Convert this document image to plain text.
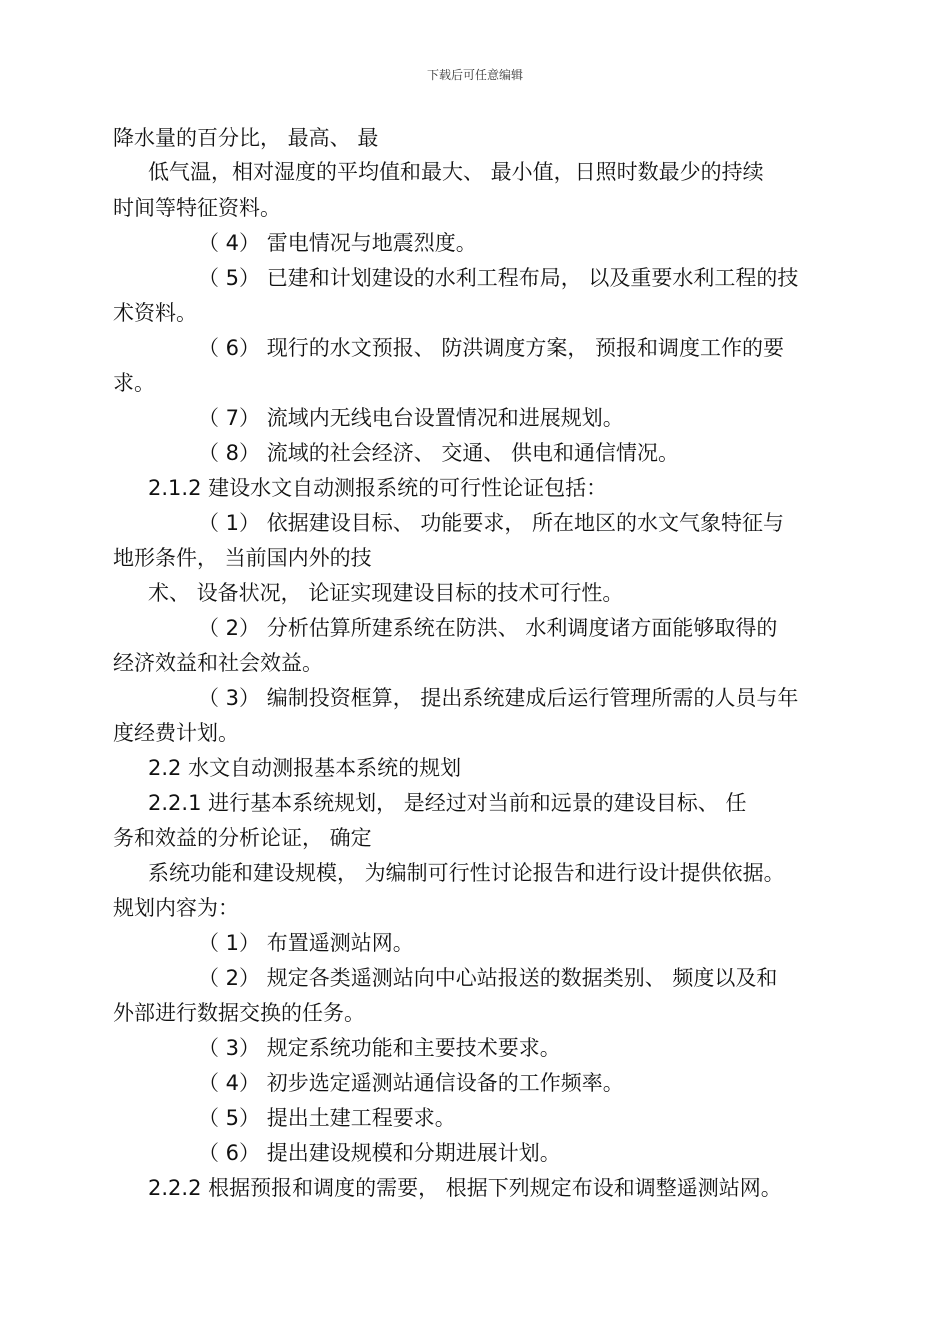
下载后可任意编辑
降水量的百分比， 最高、 最
低气温，相对湿度的平均值和最大、 最小值，日照时数最少的持续
时间等特征资料。
（ 4） 雷电情况与地震烈度。
（ 5） 已建和计划建设的水利工程布局， 以及重要水利工程的技
术资料。
（ 6） 现行的水文预报、 防洪调度方案， 预报和调度工作的要
求。
（ 7） 流域内无线电台设置情况和进展规划。
（ 8） 流域的社会经济、 交通、 供电和通信情况。
2.1.2 建设水文自动测报系统的可行性论证包括：
（ 1） 依据建设目标、 功能要求， 所在地区的水文气象特征与
地形条件， 当前国内外的技
术、 设备状况， 论证实现建设目标的技术可行性。
（ 2） 分析估算所建系统在防洪、 水利调度诸方面能够取得的
经济效益和社会效益。
（ 3） 编制投资框算， 提出系统建成后运行管理所需的人员与年
度经费计划。
2.2 水文自动测报基本系统的规划
2.2.1 进行基本系统规划， 是经过对当前和远景的建设目标、 任
务和效益的分析论证， 确定
系统功能和建设规模， 为编制可行性讨论报告和进行设计提供依据。
规划内容为：
（ 1） 布置遥测站网。
（ 2） 规定各类遥测站向中心站报送的数据类别、 频度以及和
外部进行数据交换的任务。
（ 3） 规定系统功能和主要技术要求。
（ 4） 初步选定遥测站通信设备的工作频率。
（ 5） 提出土建工程要求。
（ 6） 提出建设规模和分期进展计划。
2.2.2 根据预报和调度的需要， 根据下列规定布设和调整遥测站网。
